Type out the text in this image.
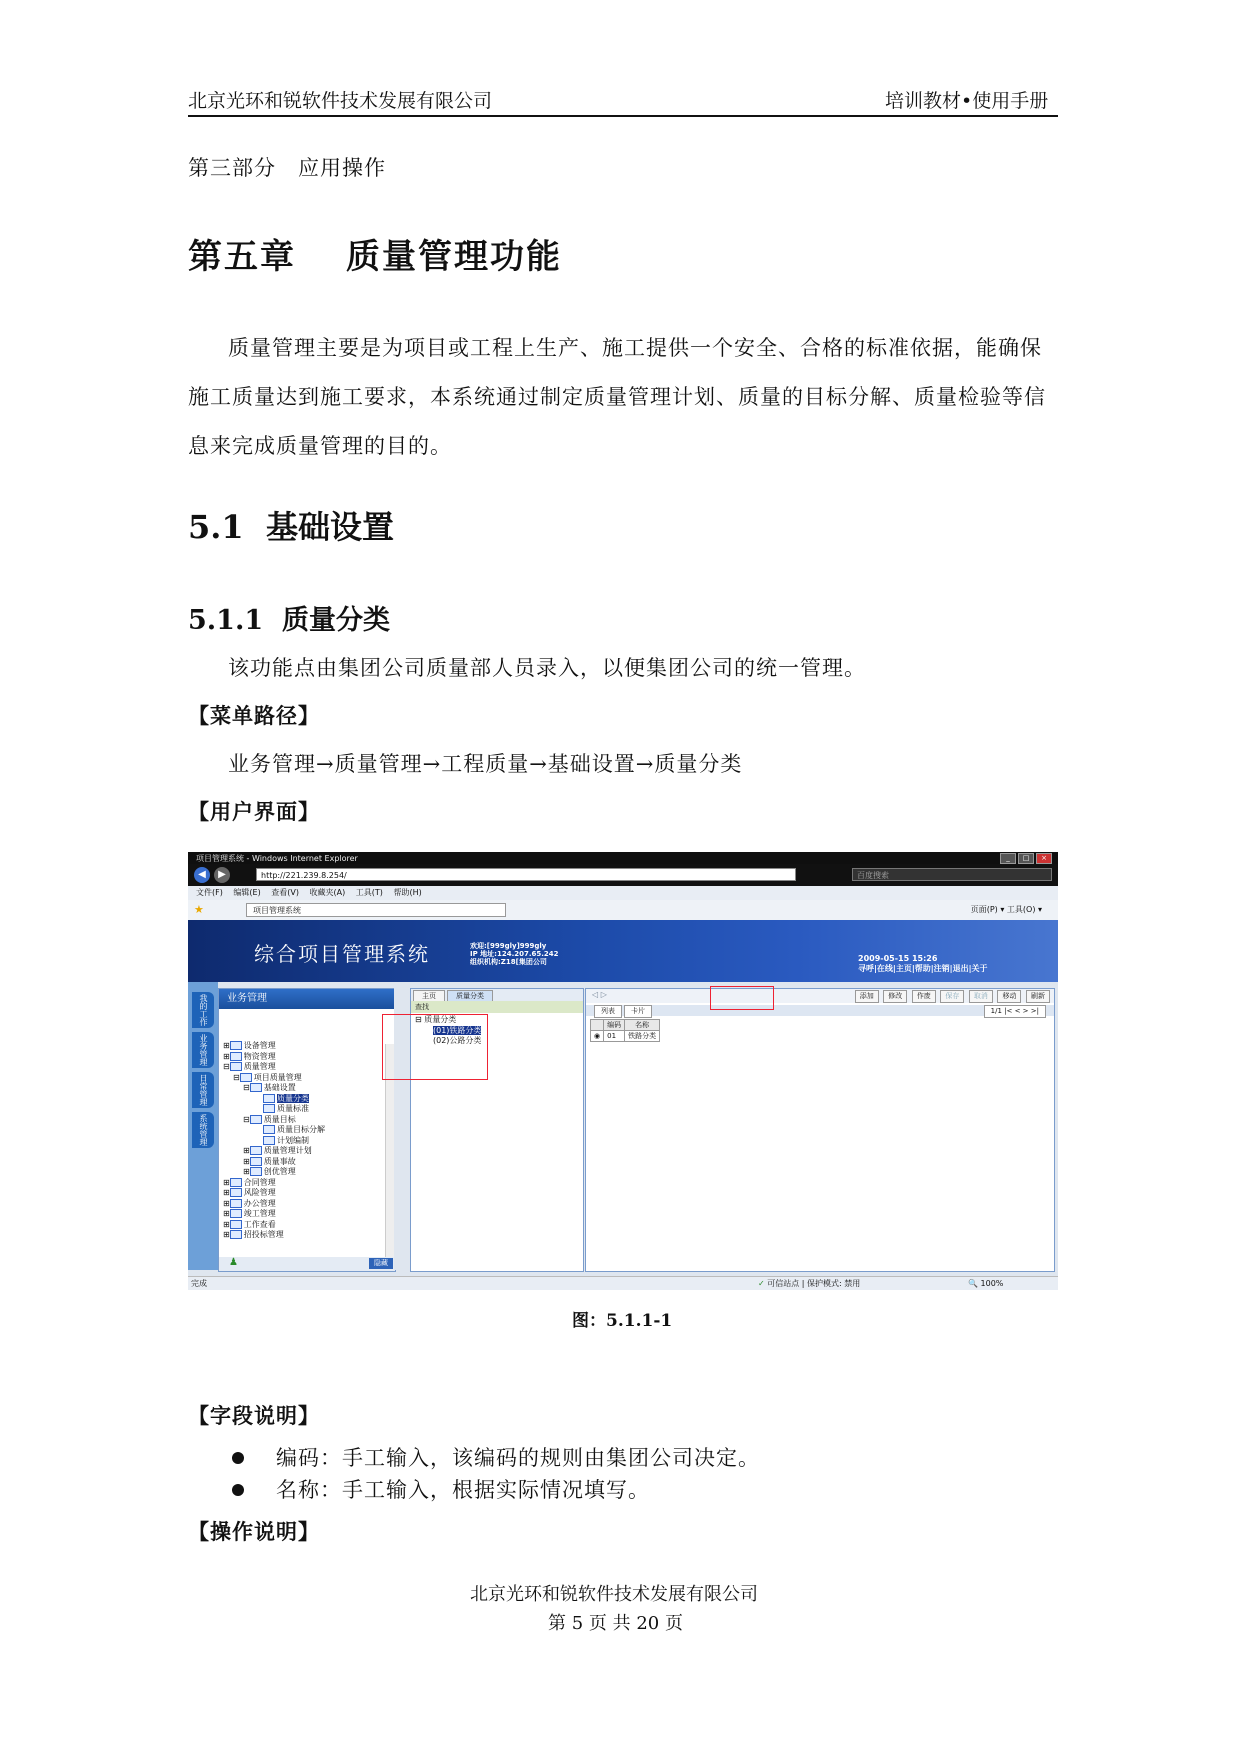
北京光环和锐软件技术发展有限公司	培训教材•使用手册
第三部分　应用操作
第五章 质量管理功能
质量管理主要是为项目或工程上生产、施工提供一个安全、合格的标准依据，能确保施工质量达到施工要求，本系统通过制定质量管理计划、质量的目标分解、质量检验等信息来完成质量管理的目的。
5.1 基础设置
5.1.1 质量分类
该功能点由集团公司质量部人员录入，以便集团公司的统一管理。
【菜单路径】
业务管理→质量管理→工程质量→基础设置→质量分类
【用户界面】
项目管理系统 - Windows Internet Explorer	_ □ ×
◀	▶	http://221.239.8.254/	百度搜索
文件(F) 编辑(E) 查看(V) 收藏夹(A) 工具(T) 帮助(H)
★	项目管理系统	页面(P) ▾ 工具(O) ▾
综合项目管理系统	欢迎:[999gly]999gly
IP 地址:124.207.65.242
组织机构:Z18[集团公司	2009-05-15 15:26
寻呼|在线|主页|帮助|注销|退出|关于
我的工作
业务管理
日常管理
系统管理
业务管理
⊞ 设备管理
⊞ 物资管理
⊟ 质量管理
⊟ 项目质量管理
⊟ 基础设置
质量分类
质量标准
⊟ 质量目标
质量目标分解
计划编制
⊞ 质量管理计划
⊞ 质量事故
⊞ 创优管理
⊞ 合同管理
⊞ 风险管理
⊞ 办公管理
⊞ 竣工管理
⊞ 工作查看
⊞ 招投标管理
♟	隐藏
主页	质量分类
查找
⊟ 质量分类
(01)铁路分类
(02)公路分类
◁ ▷	添加 修改 作废 保存 取消 移动 刷新
列表 卡片	1/1 |< < > >|
	编码	名称
◉	01	铁路分类
完成	✓ 可信站点 | 保护模式: 禁用	🔍 100%
图：5.1.1-1
【字段说明】
编码：手工输入，该编码的规则由集团公司决定。
名称：手工输入，根据实际情况填写。
【操作说明】
北京光环和锐软件技术发展有限公司
第 5 页 共 20 页
